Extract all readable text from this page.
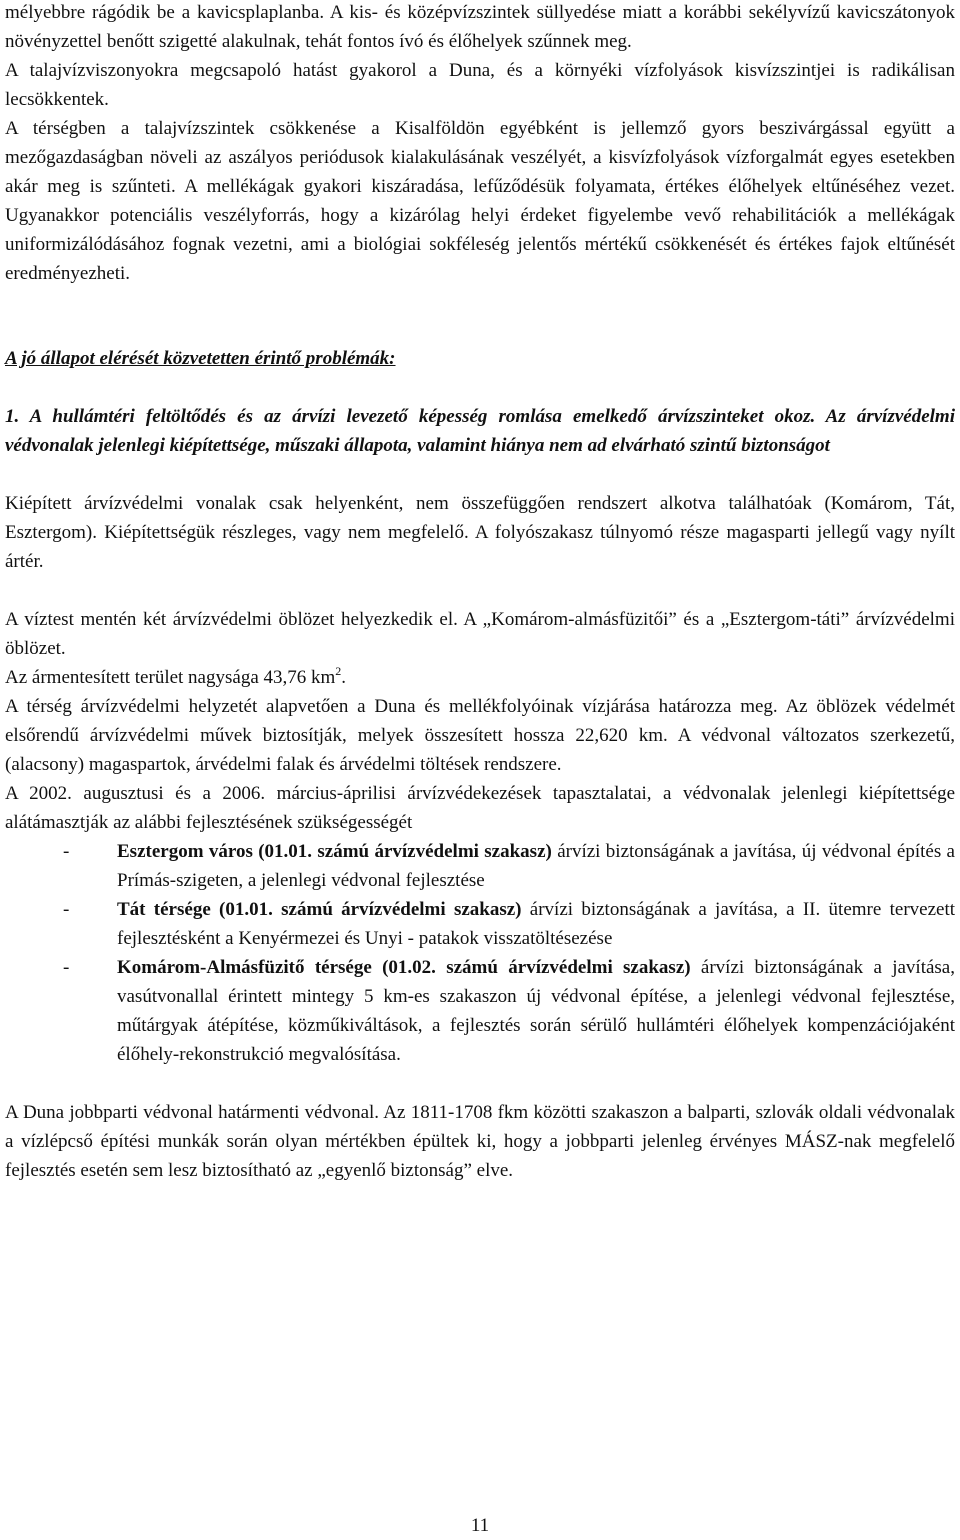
mélyebbre rágódik be a kavicsplaplanba. A kis- és középvízszintek süllyedése miatt a korábbi sekélyvízű kavicszátonyok növényzettel benőtt szigetté alakulnak, tehát fontos ívó és élőhelyek szűnnek meg.

A talajvízviszonyokra megcsapoló hatást gyakorol a Duna, és a környéki vízfolyások kisvízszintjei is radikálisan lecsökkentek.

A térségben a talajvízszintek csökkenése a Kisalföldön egyébként is jellemző gyors beszivárgással együtt a mezőgazdaságban növeli az aszályos periódusok kialakulásának veszélyét, a kisvízfolyások vízforgalmát egyes esetekben akár meg is szűnteti. A mellékágak gyakori kiszáradása, lefűződésük folyamata, értékes élőhelyek eltűnéséhez vezet. Ugyanakkor potenciális veszélyforrás, hogy a kizárólag helyi érdeket figyelembe vevő rehabilitációk a mellékágak uniformizálódásához fognak vezetni, ami a biológiai sokféleség jelentős mértékű csökkenését és értékes fajok eltűnését eredményezheti.

A jó állapot elérését közvetetten érintő problémák:

1. A hullámtéri feltöltődés és az árvízi levezető képesség romlása emelkedő árvízszinteket okoz. Az árvízvédelmi védvonalak jelenlegi kiépítettsége, műszaki állapota, valamint hiánya nem ad elvárható szintű biztonságot

Kiépített árvízvédelmi vonalak csak helyenként, nem összefüggően rendszert alkotva találhatóak (Komárom, Tát, Esztergom). Kiépítettségük részleges, vagy nem megfelelő. A folyószakasz túlnyomó része magasparti jellegű vagy nyílt ártér.

A víztest mentén két árvízvédelmi öblözet helyezkedik el. A „Komárom-almásfüzitői” és a „Esztergom-táti” árvízvédelmi öblözet.

Az ármentesített terület nagysága 43,76 $km^2$.

A térség árvízvédelmi helyzetét alapvetően a Duna és mellékfolyóinak vízjárása határozza meg. Az öblözek védelmét elsőrendű árvízvédelmi művek biztosítják, melyek összesített hossza 22,620 km. A védvonal változatos szerkezetű, (alacsony) magaspartok, árvédelmi falak és árvédelmi töltések rendszere.

A 2002. augusztusi és a 2006. március-áprilisi árvízvédekezések tapasztalatai, a védvonalak jelenlegi kiépítettsége alátámasztják az alábbi fejlesztésének szükségességét

-	Esztergom város (01.01. számú árvízvédelmi szakasz) árvízi biztonságának a javítása, új védvonal építés a Prímás-szigeten, a jelenlegi védvonal fejlesztése
-	Tát térsége (01.01. számú árvízvédelmi szakasz) árvízi biztonságának a javítása, a II. ütemre tervezett fejlesztésként a Kenyérmezei és Unyi - patakok visszatöltésezése
-	Komárom-Almásfüzitő térsége (01.02. számú árvízvédelmi szakasz) árvízi biztonságának a javítása, vasútvonallal érintett mintegy 5 km-es szakaszon új védvonal építése, a jelenlegi védvonal fejlesztése, műtárgyak átépítése, közműkiváltások, a fejlesztés során sérülő hullámtéri élőhelyek kompenzációjaként élőhely-rekonstrukció megvalósítása.

A Duna jobbparti védvonal határmenti védvonal. Az 1811-1708 fkm közötti szakaszon a balparti, szlovák oldali védvonalak a vízlépcső építési munkák során olyan mértékben épültek ki, hogy a jobbparti jelenleg érvényes MÁSZ-nak megfelelő fejlesztés esetén sem lesz biztosítható az „egyenlő biztonság” elve.

11
